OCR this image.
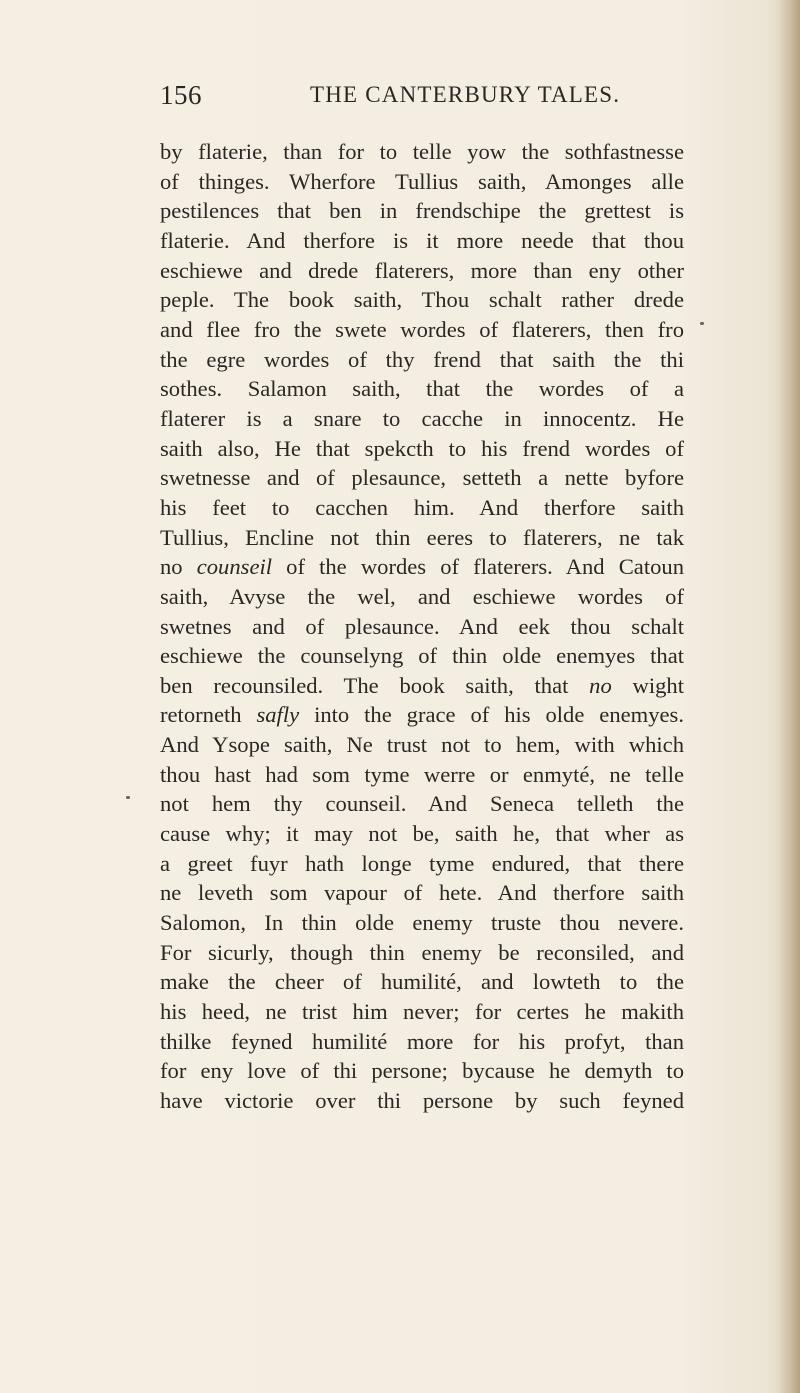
156	THE CANTERBURY TALES.
by flaterie, than for to telle yow the sothfastnesse
of thinges. Wherfore Tullius saith, Amonges alle
pestilences that ben in frendschipe the grettest is
flaterie. And therfore is it more neede that thou
eschiewe and drede flaterers, more than eny other
peple. The book saith, Thou schalt rather drede
and flee fro the swete wordes of flaterers, then fro
the egre wordes of thy frend that saith the thi
sothes. Salamon saith, that the wordes of a
flaterer is a snare to cacche in innocentz. He
saith also, He that spekcth to his frend wordes of
swetnesse and of plesaunce, setteth a nette byfore
his feet to cacchen him. And therfore saith
Tullius, Encline not thin eeres to flaterers, ne tak
no counseil of the wordes of flaterers. And Catoun
saith, Avyse the wel, and eschiewe wordes of
swetnes and of plesaunce. And eek thou schalt
eschiewe the counselyng of thin olde enemyes that
ben recounsiled. The book saith, that no wight
retorneth safly into the grace of his olde enemyes.
And Ysope saith, Ne trust not to hem, with which
thou hast had som tyme werre or enmyté, ne telle
not hem thy counseil. And Seneca telleth the
cause why; it may not be, saith he, that wher as
a greet fuyr hath longe tyme endured, that there
ne leveth som vapour of hete. And therfore saith
Salomon, In thin olde enemy truste thou nevere.
For sicurly, though thin enemy be reconsiled, and
make the cheer of humilité, and lowteth to the
his heed, ne trist him never; for certes he makith
thilke feyned humilité more for his profyt, than
for eny love of thi persone; bycause he demyth to
have victorie over thi persone by such feyned
